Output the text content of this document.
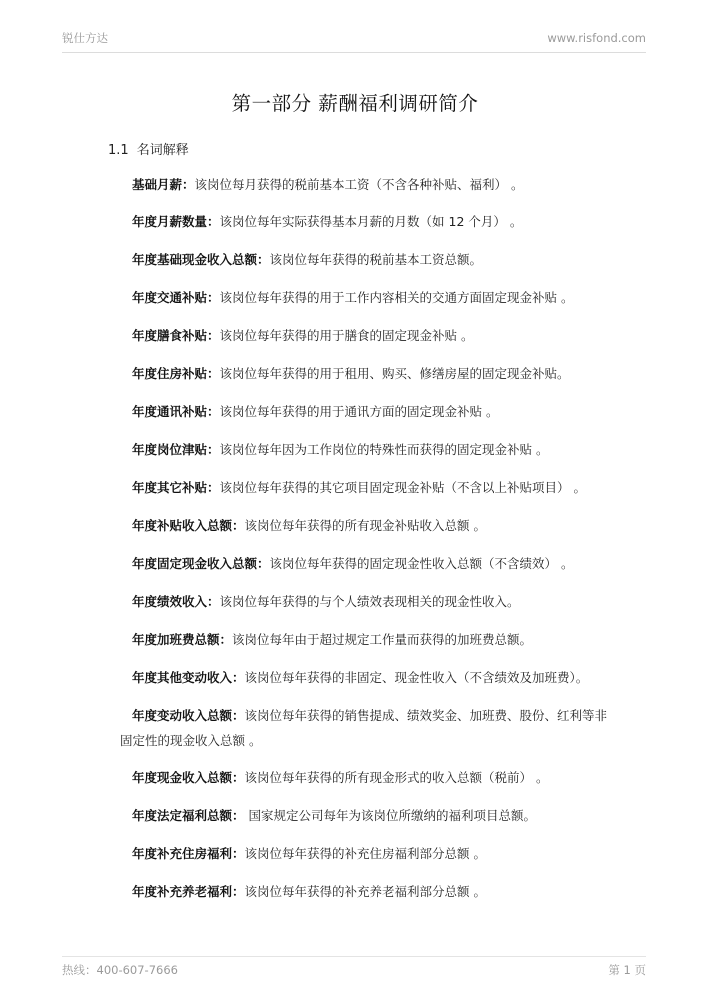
锐仕方达	www.risfond.com
第一部分 薪酬福利调研简介
1.1 名词解释
基础月薪：该岗位每月获得的税前基本工资（不含各种补贴、福利） 。
年度月薪数量：该岗位每年实际获得基本月薪的月数（如 12 个月） 。
年度基础现金收入总额：该岗位每年获得的税前基本工资总额。
年度交通补贴：该岗位每年获得的用于工作内容相关的交通方面固定现金补贴 。
年度膳食补贴：该岗位每年获得的用于膳食的固定现金补贴 。
年度住房补贴：该岗位每年获得的用于租用、购买、修缮房屋的固定现金补贴。
年度通讯补贴：该岗位每年获得的用于通讯方面的固定现金补贴 。
年度岗位津贴：该岗位每年因为工作岗位的特殊性而获得的固定现金补贴 。
年度其它补贴：该岗位每年获得的其它项目固定现金补贴（不含以上补贴项目） 。
年度补贴收入总额：该岗位每年获得的所有现金补贴收入总额 。
年度固定现金收入总额：该岗位每年获得的固定现金性收入总额（不含绩效） 。
年度绩效收入：该岗位每年获得的与个人绩效表现相关的现金性收入。
年度加班费总额：该岗位每年由于超过规定工作量而获得的加班费总额。
年度其他变动收入：该岗位每年获得的非固定、现金性收入（不含绩效及加班费）。
年度变动收入总额：该岗位每年获得的销售提成、绩效奖金、加班费、股份、红利等非
固定性的现金收入总额 。
年度现金收入总额：该岗位每年获得的所有现金形式的收入总额（税前） 。
年度法定福利总额： 国家规定公司每年为该岗位所缴纳的福利项目总额。
年度补充住房福利：该岗位每年获得的补充住房福利部分总额 。
年度补充养老福利：该岗位每年获得的补充养老福利部分总额 。
热线：400-607-7666	第 1 页
